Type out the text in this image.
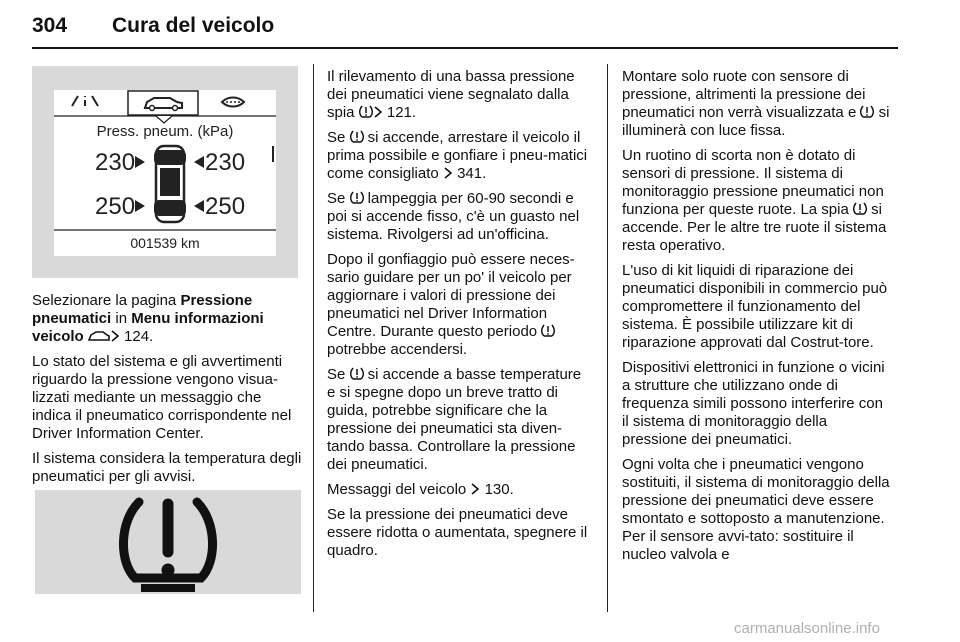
304 Cura del veicolo
Press. pneum. (kPa)
230	230
250	250
001539 km

Selezionare la pagina Pressione pneumatici in Menu informazioni veicolo  124.

Lo stato del sistema e gli avvertimenti riguardo la pressione vengono visua-lizzati mediante un messaggio che indica il pneumatico corrispondente nel Driver Information Center.

Il sistema considera la temperatura degli pneumatici per gli avvisi.

Il rilevamento di una bassa pressione dei pneumatici viene segnalato dalla spia  121.

Se  si accende, arrestare il veicolo il prima possibile e gonfiare i pneu-matici come consigliato  341.

Se  lampeggia per 60-90 secondi e poi si accende fisso, c'è un guasto nel sistema. Rivolgersi ad un'officina.

Dopo il gonfiaggio può essere neces-sario guidare per un po' il veicolo per aggiornare i valori di pressione dei pneumatici nel Driver Information Centre. Durante questo periodo  potrebbe accendersi.

Se  si accende a basse temperature e si spegne dopo un breve tratto di guida, potrebbe significare che la pressione dei pneumatici sta diven-tando bassa. Controllare la pressione dei pneumatici.

Messaggi del veicolo  130.

Se la pressione dei pneumatici deve essere ridotta o aumentata, spegnere il quadro.

Montare solo ruote con sensore di pressione, altrimenti la pressione dei pneumatici non verrà visualizzata e  si illuminerà con luce fissa.

Un ruotino di scorta non è dotato di sensori di pressione. Il sistema di monitoraggio pressione pneumatici non funziona per queste ruote. La spia  si accende. Per le altre tre ruote il sistema resta operativo.

L'uso di kit liquidi di riparazione dei pneumatici disponibili in commercio può compromettere il funzionamento del sistema. È possibile utilizzare kit di riparazione approvati dal Costrut-tore.

Dispositivi elettronici in funzione o vicini a strutture che utilizzano onde di frequenza simili possono interferire con il sistema di monitoraggio della pressione dei pneumatici.

Ogni volta che i pneumatici vengono sostituiti, il sistema di monitoraggio della pressione dei pneumatici deve essere smontato e sottoposto a manutenzione. Per il sensore avvi-tato: sostituire il nucleo valvola e

carmanualsonline.info
